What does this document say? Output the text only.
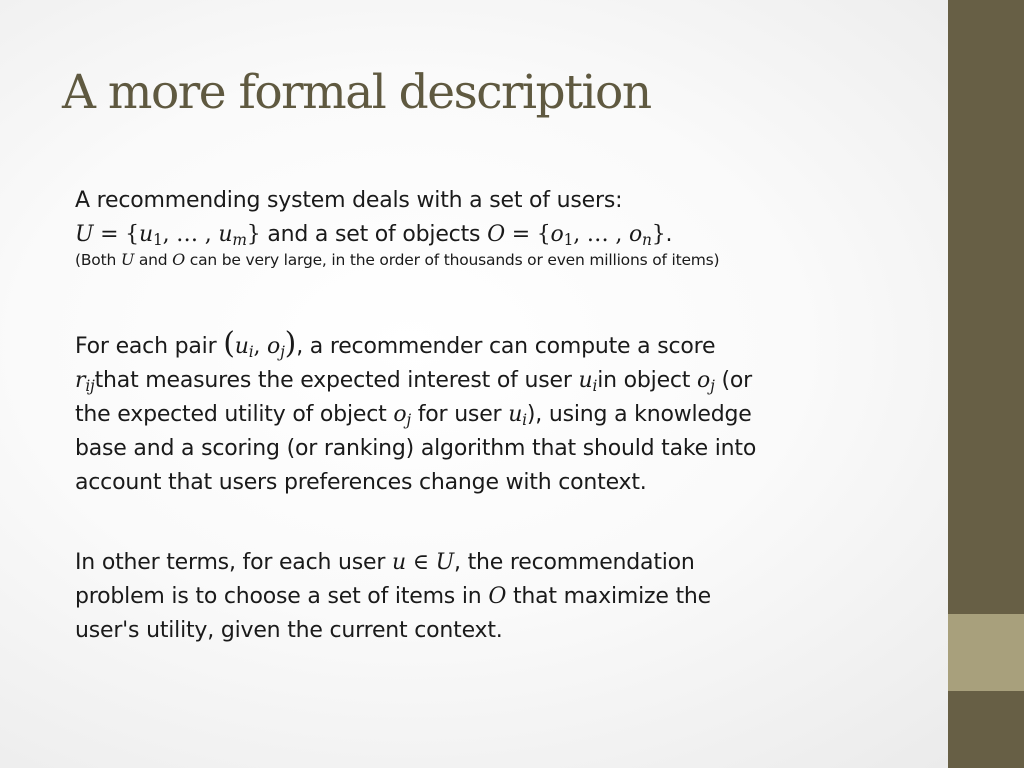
A more formal description
A recommending system deals with a set of users:
$U = \{u_1$, … , $u_m$} and a set of objects $O = \{o_1$, … , $o_n$}.
(Both U and O can be very large, in the order of thousands or even millions of items)
For each pair ($u_i$, $o_j$), a recommender can compute a score
$r_{ij}that$ measures the expected interest of user $u_iin$ object $o_j$ (or
the expected utility of object $o_j$ for user $u_i$), using a knowledge
base and a scoring (or ranking) algorithm that should take into
account that users preferences change with context.
In other terms, for each user u ∈ U, the recommendation
problem is to choose a set of items in O that maximize the
user's utility, given the current context.
